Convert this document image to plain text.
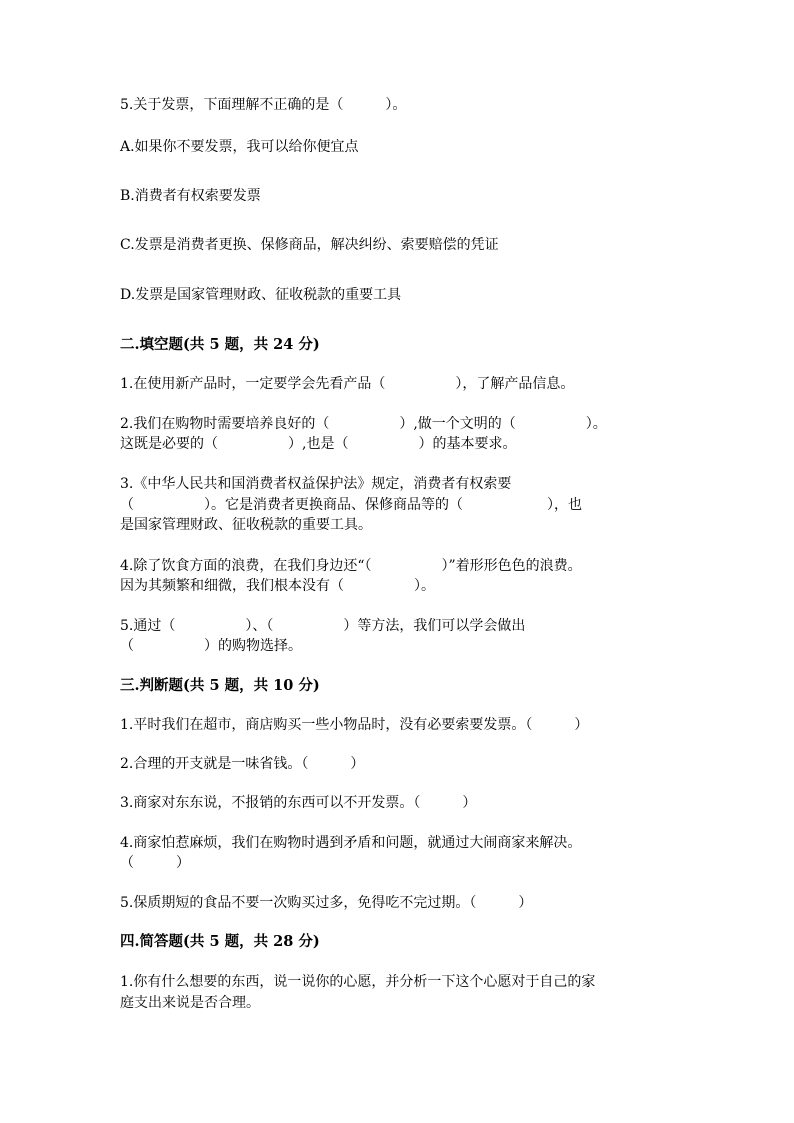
5.关于发票，下面理解不正确的是（　　　）。
A.如果你不要发票，我可以给你便宜点
B.消费者有权索要发票
C.发票是消费者更换、保修商品，解决纠纷、索要赔偿的凭证
D.发票是国家管理财政、征收税款的重要工具
二.填空题(共 5 题，共 24 分)
1.在使用新产品时，一定要学会先看产品（　　　　　），了解产品信息。
2.我们在购物时需要培养良好的（　　　　　）,做一个文明的（　　　　　）。
这既是必要的（　　　　　）,也是（　　　　　）的基本要求。
3.《中华人民共和国消费者权益保护法》规定，消费者有权索要
（　　　　　）。它是消费者更换商品、保修商品等的（　　　　　　），也
是国家管理财政、征收税款的重要工具。
4.除了饮食方面的浪费，在我们身边还“（　　　　　）”着形形色色的浪费。
因为其频繁和细微，我们根本没有（　　　　　）。
5.通过（　　　　　）、（　　　　　）等方法，我们可以学会做出
（　　　　　）的购物选择。
三.判断题(共 5 题，共 10 分)
1.平时我们在超市，商店购买一些小物品时，没有必要索要发票。（　　　）
2.合理的开支就是一味省钱。（　　　）
3.商家对东东说，不报销的东西可以不开发票。（　　　）
4.商家怕惹麻烦，我们在购物时遇到矛盾和问题，就通过大闹商家来解决。
（　　　）
5.保质期短的食品不要一次购买过多，免得吃不完过期。（　　　）
四.简答题(共 5 题，共 28 分)
1.你有什么想要的东西，说一说你的心愿，并分析一下这个心愿对于自己的家
庭支出来说是否合理。
